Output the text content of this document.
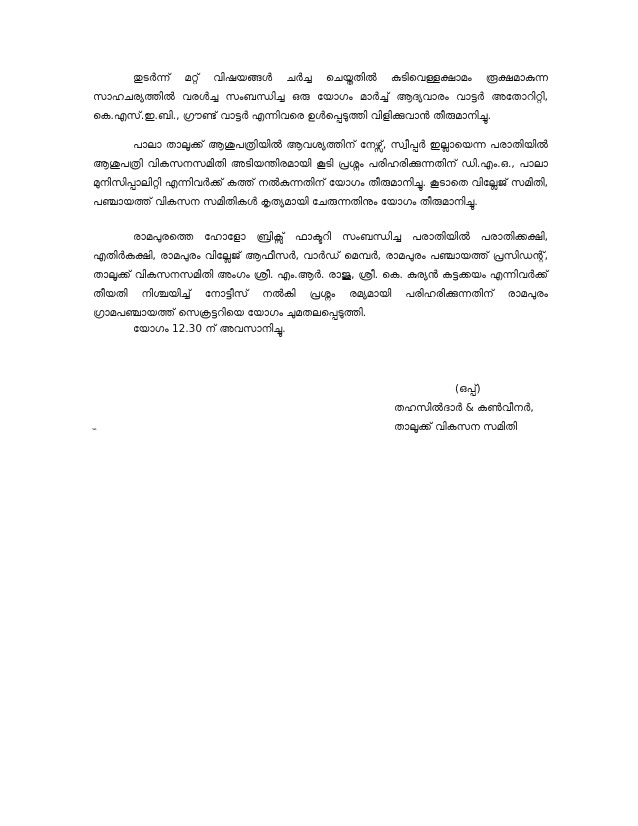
തുടർന്ന് മറ്റ് വിഷയങ്ങൾ ചർച്ച ചെയ്തതിൽ കുടിവെള്ളക്ഷാമം രൂക്ഷമാകുന്ന സാഹചര്യത്തിൽ വരൾച്ച സംബന്ധിച്ച ഒരു യോഗം മാർച്ച് ആദ്യവാരം വാട്ടർ അതോറിറ്റി, കെ.എസ്.ഇ.ബി., ഗ്രൗണ്ട് വാട്ടർ എന്നിവരെ ഉൾപ്പെടുത്തി വിളിക്കുവാൻ തീരുമാനിച്ചു.

പാലാ താലൂക്ക് ആശുപത്രിയിൽ ആവശ്യത്തിന് നേഴ്സ്, സ്വീപ്പർ ഇല്ലായെന്ന പരാതിയിൽ ആശുപത്രി വികസനസമിതി അടിയന്തിരമായി കൂടി പ്രശ്നം പരിഹരിക്കുന്നതിന് ഡി.എം.ഒ., പാലാ മുനിസിപ്പാലിറ്റി എന്നിവർക്ക് കത്ത് നൽകുന്നതിന് യോഗം തീരുമാനിച്ചു. കൂടാതെ വില്ലേജ് സമിതി, പഞ്ചായത്ത് വികസന സമിതികൾ കൃത്യമായി ചേരുന്നതിനും യോഗം തീരുമാനിച്ചു.

രാമപുരത്തെ ഹോളോ ബ്രിക്സ് ഫാക്ടറി സംബന്ധിച്ച പരാതിയിൽ പരാതിക്കക്ഷി, എതിർകക്ഷി, രാമപുരം വില്ലേജ് ആഫീസർ, വാർഡ് മെമ്പർ, രാമപുരം പഞ്ചായത്ത് പ്രസിഡന്റ്, താലൂക്ക് വികസനസമിതി അംഗം ശ്രീ. എം.ആർ. രാജു, ശ്രീ. കെ. കുര്യൻ കട്ടക്കയം എന്നിവർക്ക് തീയതി നിശ്ചയിച്ച് നോട്ടീസ് നൽകി പ്രശ്നം രമ്യമായി പരിഹരിക്കുന്നതിന് രാമപുരം ഗ്രാമപഞ്ചായത്ത് സെക്രട്ടറിയെ യോഗം ചുമതലപ്പെടുത്തി.

യോഗം 12.30 ന് അവസാനിച്ചു.

(ഒപ്പ്)

തഹസിൽദാർ & കൺവീനർ,

താലൂക്ക് വികസന സമിതി

‷
